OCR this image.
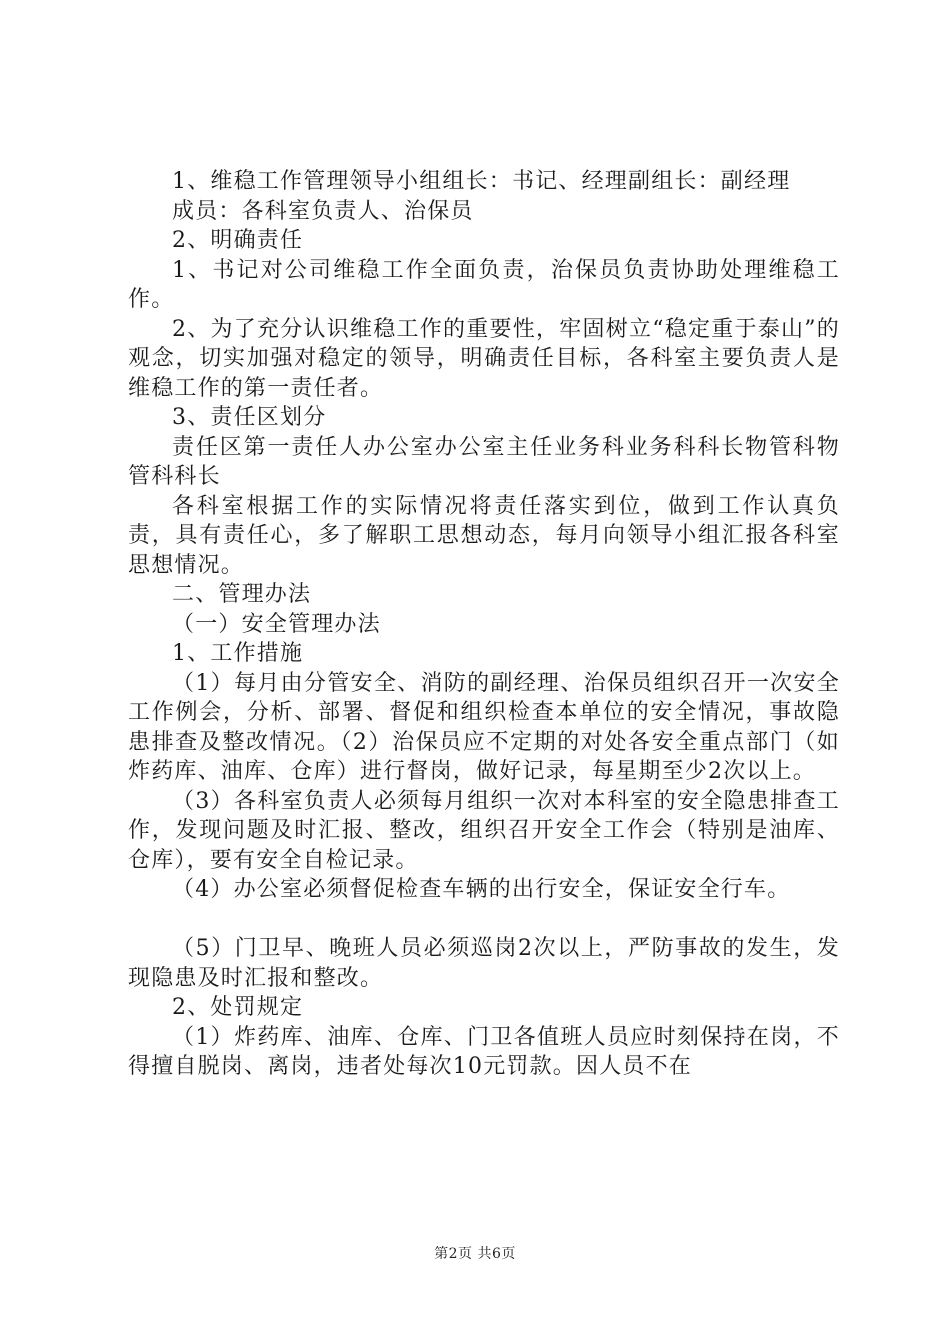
1、维稳工作管理领导小组组长：书记、经理副组长：副经理

成员：各科室负责人、治保员

2、明确责任

1、书记对公司维稳工作全面负责，治保员负责协助处理维稳工作。

2、为了充分认识维稳工作的重要性，牢固树立“稳定重于泰山”的观念，切实加强对稳定的领导，明确责任目标，各科室主要负责人是维稳工作的第一责任者。

3、责任区划分

责任区第一责任人办公室办公室主任业务科业务科科长物管科物管科科长

各科室根据工作的实际情况将责任落实到位，做到工作认真负责，具有责任心，多了解职工思想动态，每月向领导小组汇报各科室思想情况。

二、管理办法

（一）安全管理办法

1、工作措施

（1）每月由分管安全、消防的副经理、治保员组织召开一次安全工作例会，分析、部署、督促和组织检查本单位的安全情况，事故隐患排查及整改情况。（2）治保员应不定期的对处各安全重点部门（如炸药库、油库、仓库）进行督岗，做好记录，每星期至少2次以上。

（3）各科室负责人必须每月组织一次对本科室的安全隐患排查工作，发现问题及时汇报、整改，组织召开安全工作会（特别是油库、仓库），要有安全自检记录。

（4）办公室必须督促检查车辆的出行安全，保证安全行车。

（5）门卫早、晚班人员必须巡岗2次以上，严防事故的发生，发现隐患及时汇报和整改。

2、处罚规定

（1）炸药库、油库、仓库、门卫各值班人员应时刻保持在岗，不得擅自脱岗、离岗，违者处每次10元罚款。因人员不在

第2页 共6页
